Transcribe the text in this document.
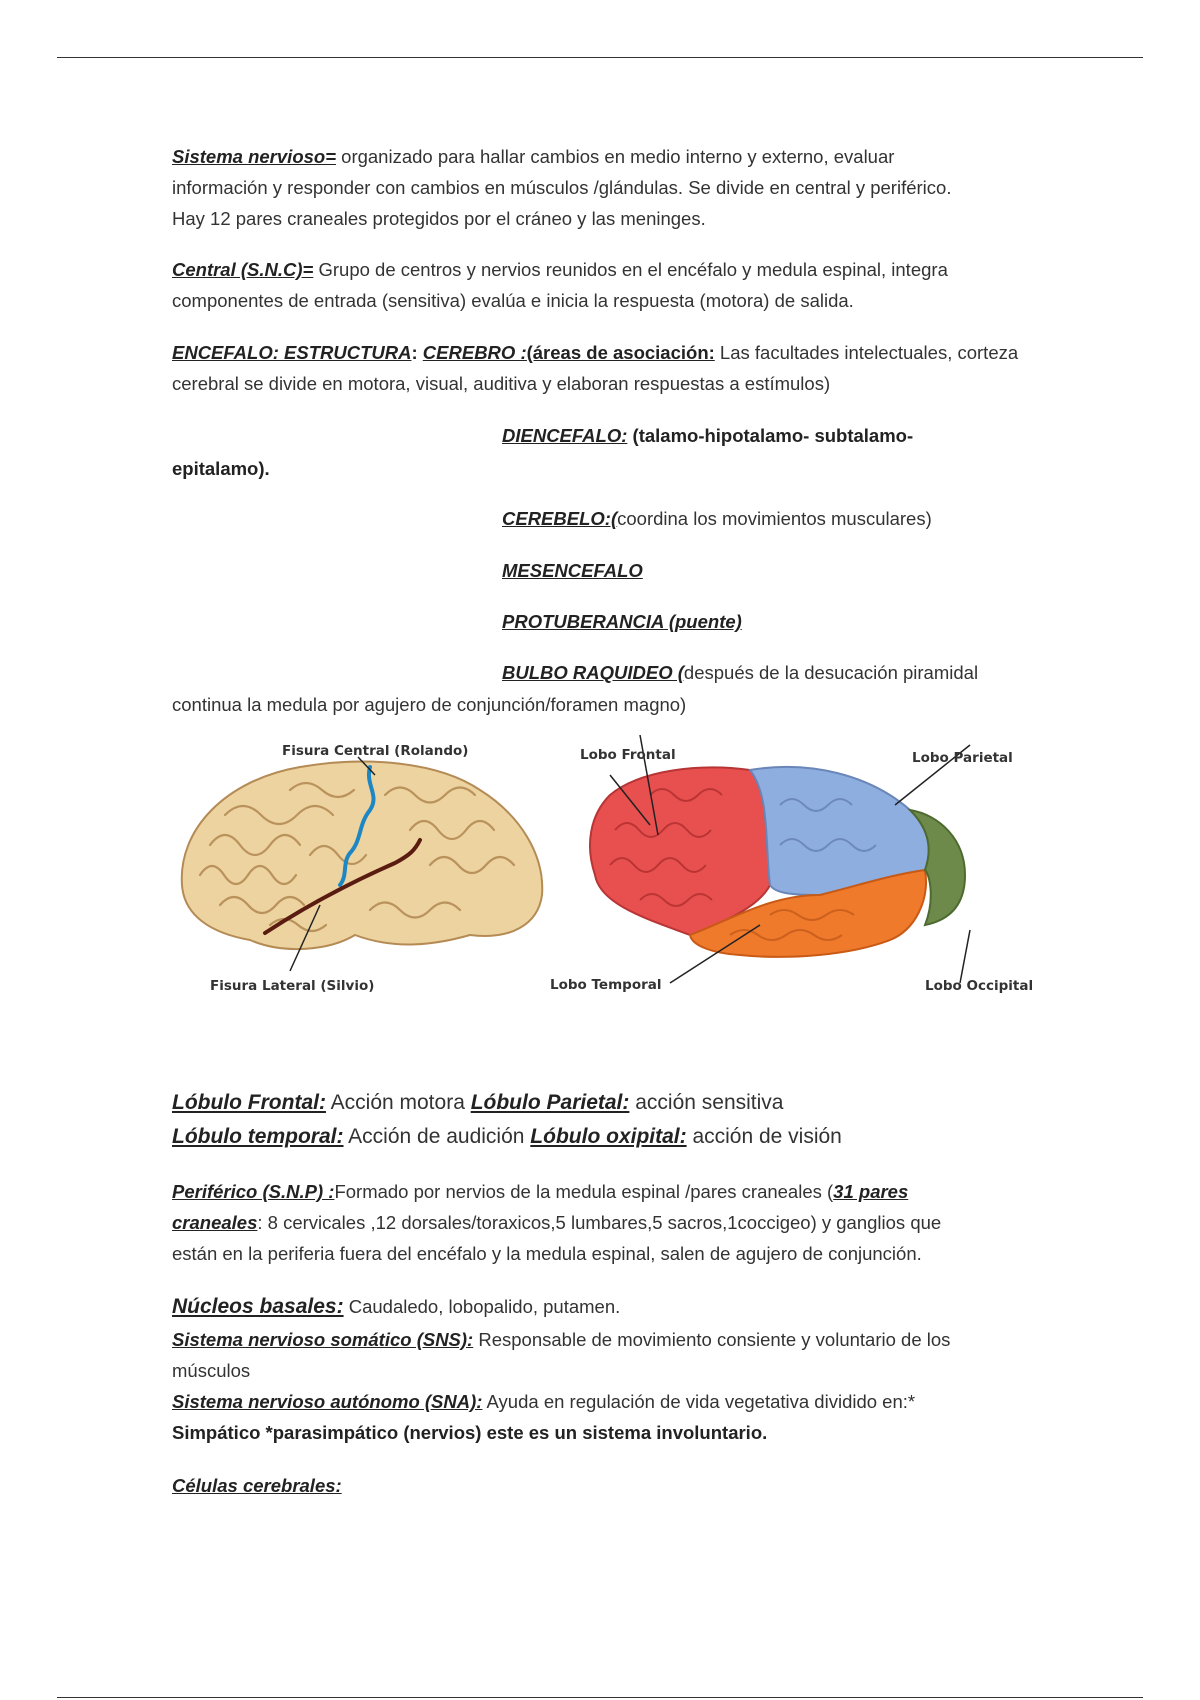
Sistema nervioso= organizado para hallar cambios en medio interno y externo, evaluar
información y responder con cambios en músculos /glándulas. Se divide en central y periférico.
Hay 12 pares craneales protegidos por el cráneo y las meninges.
Central (S.N.C)= Grupo de centros y nervios reunidos en el encéfalo y medula espinal, integra
componentes de entrada (sensitiva) evalúa e inicia la respuesta (motora) de salida.
ENCEFALO: ESTRUCTURA: CEREBRO :(áreas de asociación: Las facultades intelectuales, corteza
cerebral se divide en motora, visual, auditiva y elaboran respuestas a estímulos)
DIENCEFALO: (talamo-hipotalamo- subtalamo-
epitalamo).
CEREBELO:(coordina los movimientos musculares)
MESENCEFALO
PROTUBERANCIA (puente)
BULBO RAQUIDEO (después de la desucación piramidal
continua la medula por agujero de conjunción/foramen magno)
Fisura Central (Rolando)
Fisura Lateral (Silvio)
Lobo Frontal	Lobo Parietal
Lobo Temporal	Lobo Occipital
Lóbulo Frontal: Acción motora Lóbulo Parietal: acción sensitiva
Lóbulo temporal: Acción de audición Lóbulo oxipital: acción de visión
Periférico (S.N.P) :Formado por nervios de la medula espinal /pares craneales (31 pares
craneales: 8 cervicales ,12 dorsales/toraxicos,5 lumbares,5 sacros,1coccigeo) y ganglios que
están en la periferia fuera del encéfalo y la medula espinal, salen de agujero de conjunción.
Núcleos basales: Caudaledo, lobopalido, putamen.
Sistema nervioso somático (SNS): Responsable de movimiento consiente y voluntario de los
músculos
Sistema nervioso autónomo (SNA): Ayuda en regulación de vida vegetativa dividido en:*
Simpático *parasimpático (nervios) este es un sistema involuntario.
Células cerebrales:
